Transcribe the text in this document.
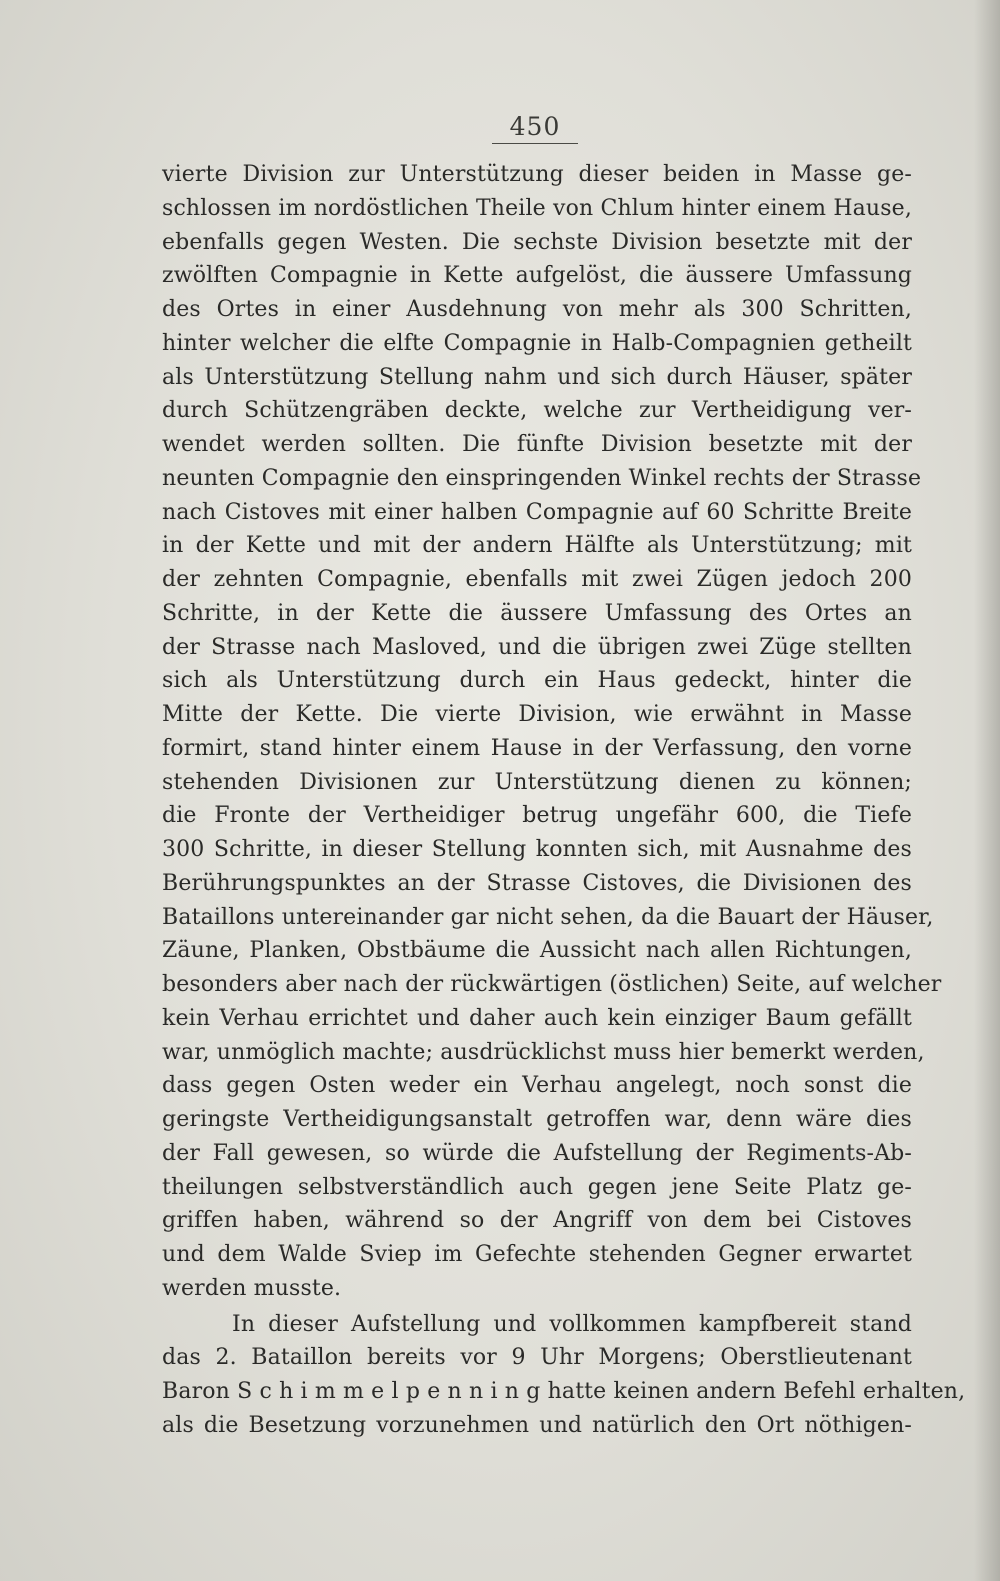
450
vierte Division zur Unterstützung dieser beiden in Masse ge-
schlossen im nordöstlichen Theile von Chlum hinter einem Hause,
ebenfalls gegen Westen. Die sechste Division besetzte mit der
zwölften Compagnie in Kette aufgelöst, die äussere Umfassung
des Ortes in einer Ausdehnung von mehr als 300 Schritten,
hinter welcher die elfte Compagnie in Halb-Compagnien getheilt
als Unterstützung Stellung nahm und sich durch Häuser, später
durch Schützengräben deckte, welche zur Vertheidigung ver-
wendet werden sollten. Die fünfte Division besetzte mit der
neunten Compagnie den einspringenden Winkel rechts der Strasse
nach Cistoves mit einer halben Compagnie auf 60 Schritte Breite
in der Kette und mit der andern Hälfte als Unterstützung; mit
der zehnten Compagnie, ebenfalls mit zwei Zügen jedoch 200
Schritte, in der Kette die äussere Umfassung des Ortes an
der Strasse nach Masloved, und die übrigen zwei Züge stellten
sich als Unterstützung durch ein Haus gedeckt, hinter die
Mitte der Kette. Die vierte Division, wie erwähnt in Masse
formirt, stand hinter einem Hause in der Verfassung, den vorne
stehenden Divisionen zur Unterstützung dienen zu können;
die Fronte der Vertheidiger betrug ungefähr 600, die Tiefe
300 Schritte, in dieser Stellung konnten sich, mit Ausnahme des
Berührungspunktes an der Strasse Cistoves, die Divisionen des
Bataillons untereinander gar nicht sehen, da die Bauart der Häuser,
Zäune, Planken, Obstbäume die Aussicht nach allen Richtungen,
besonders aber nach der rückwärtigen (östlichen) Seite, auf welcher
kein Verhau errichtet und daher auch kein einziger Baum gefällt
war, unmöglich machte; ausdrücklichst muss hier bemerkt werden,
dass gegen Osten weder ein Verhau angelegt, noch sonst die
geringste Vertheidigungsanstalt getroffen war, denn wäre dies
der Fall gewesen, so würde die Aufstellung der Regiments-Ab-
theilungen selbstverständlich auch gegen jene Seite Platz ge-
griffen haben, während so der Angriff von dem bei Cistoves
und dem Walde Sviep im Gefechte stehenden Gegner erwartet
werden musste.
In dieser Aufstellung und vollkommen kampfbereit stand
das 2. Bataillon bereits vor 9 Uhr Morgens; Oberstlieutenant
Baron S c h i m m e l p e n n i n g hatte keinen andern Befehl erhalten,
als die Besetzung vorzunehmen und natürlich den Ort nöthigen-
